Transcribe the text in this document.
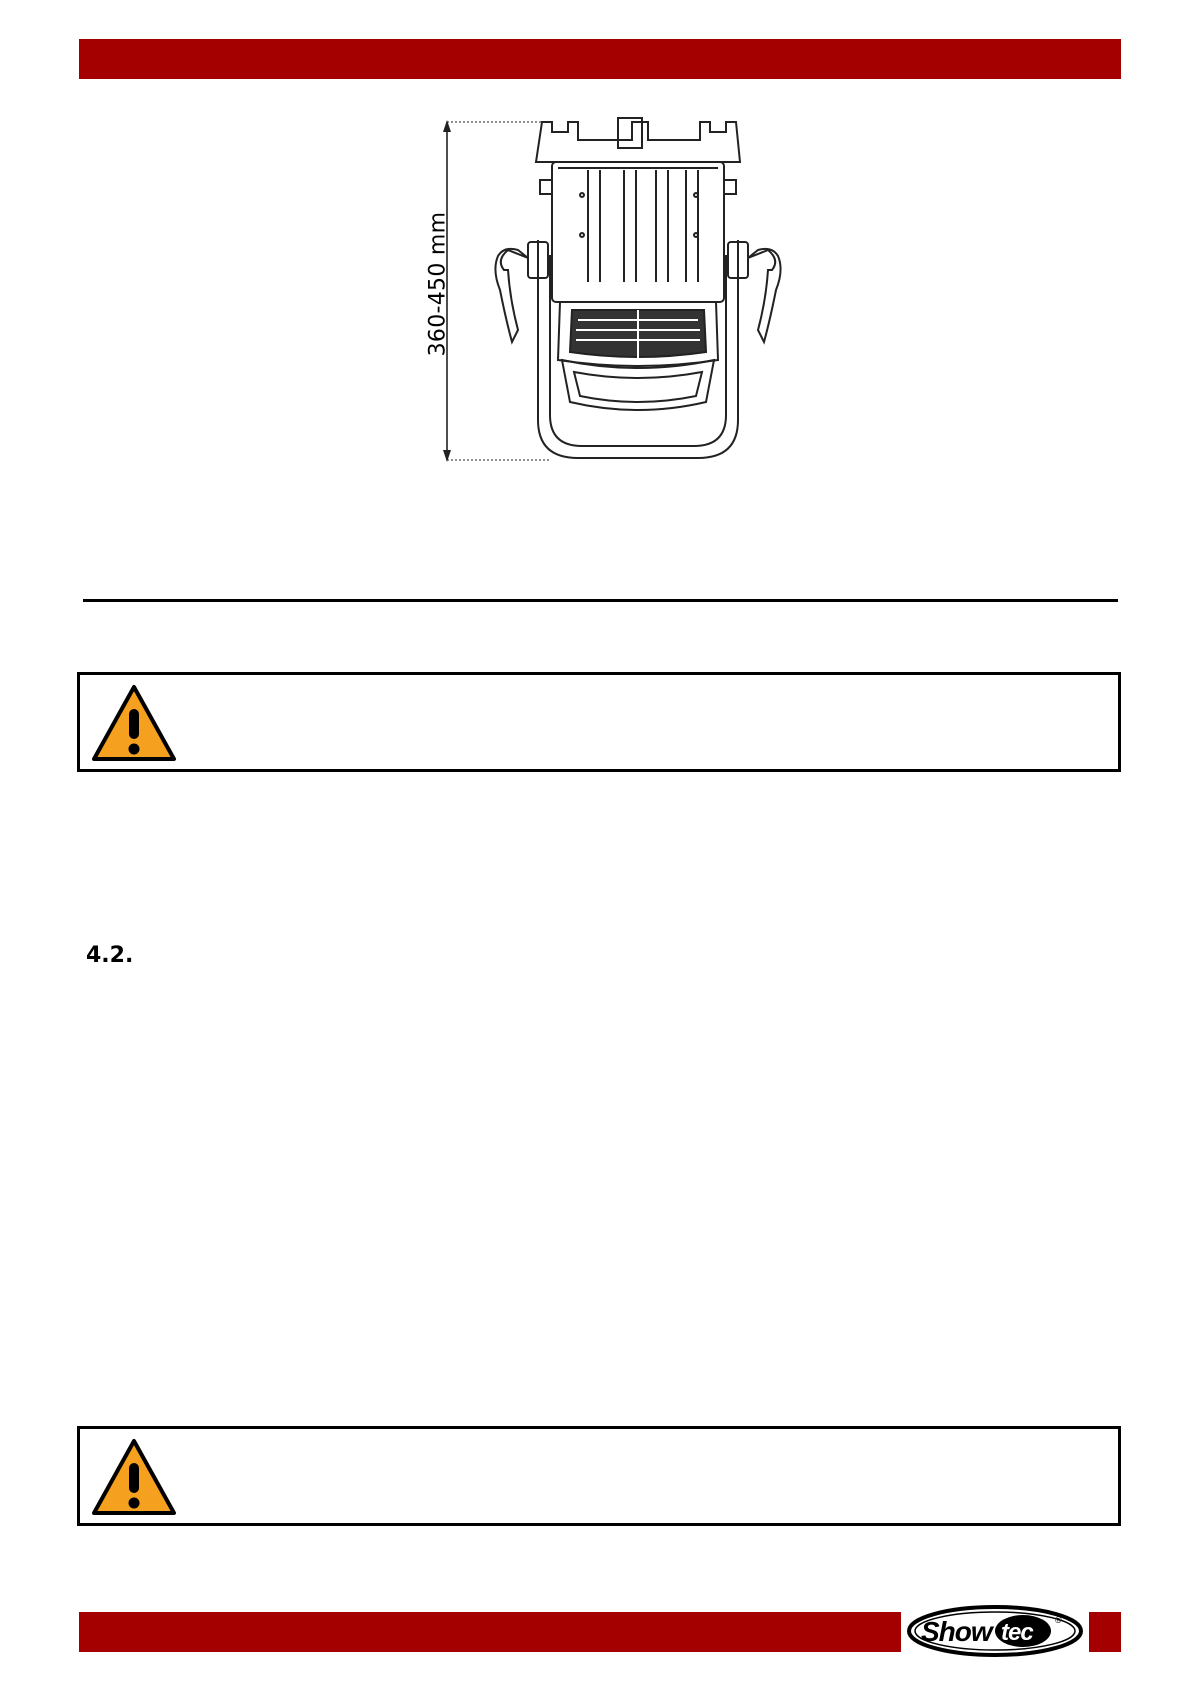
360-450 mm
4.2.
Show tec ®
